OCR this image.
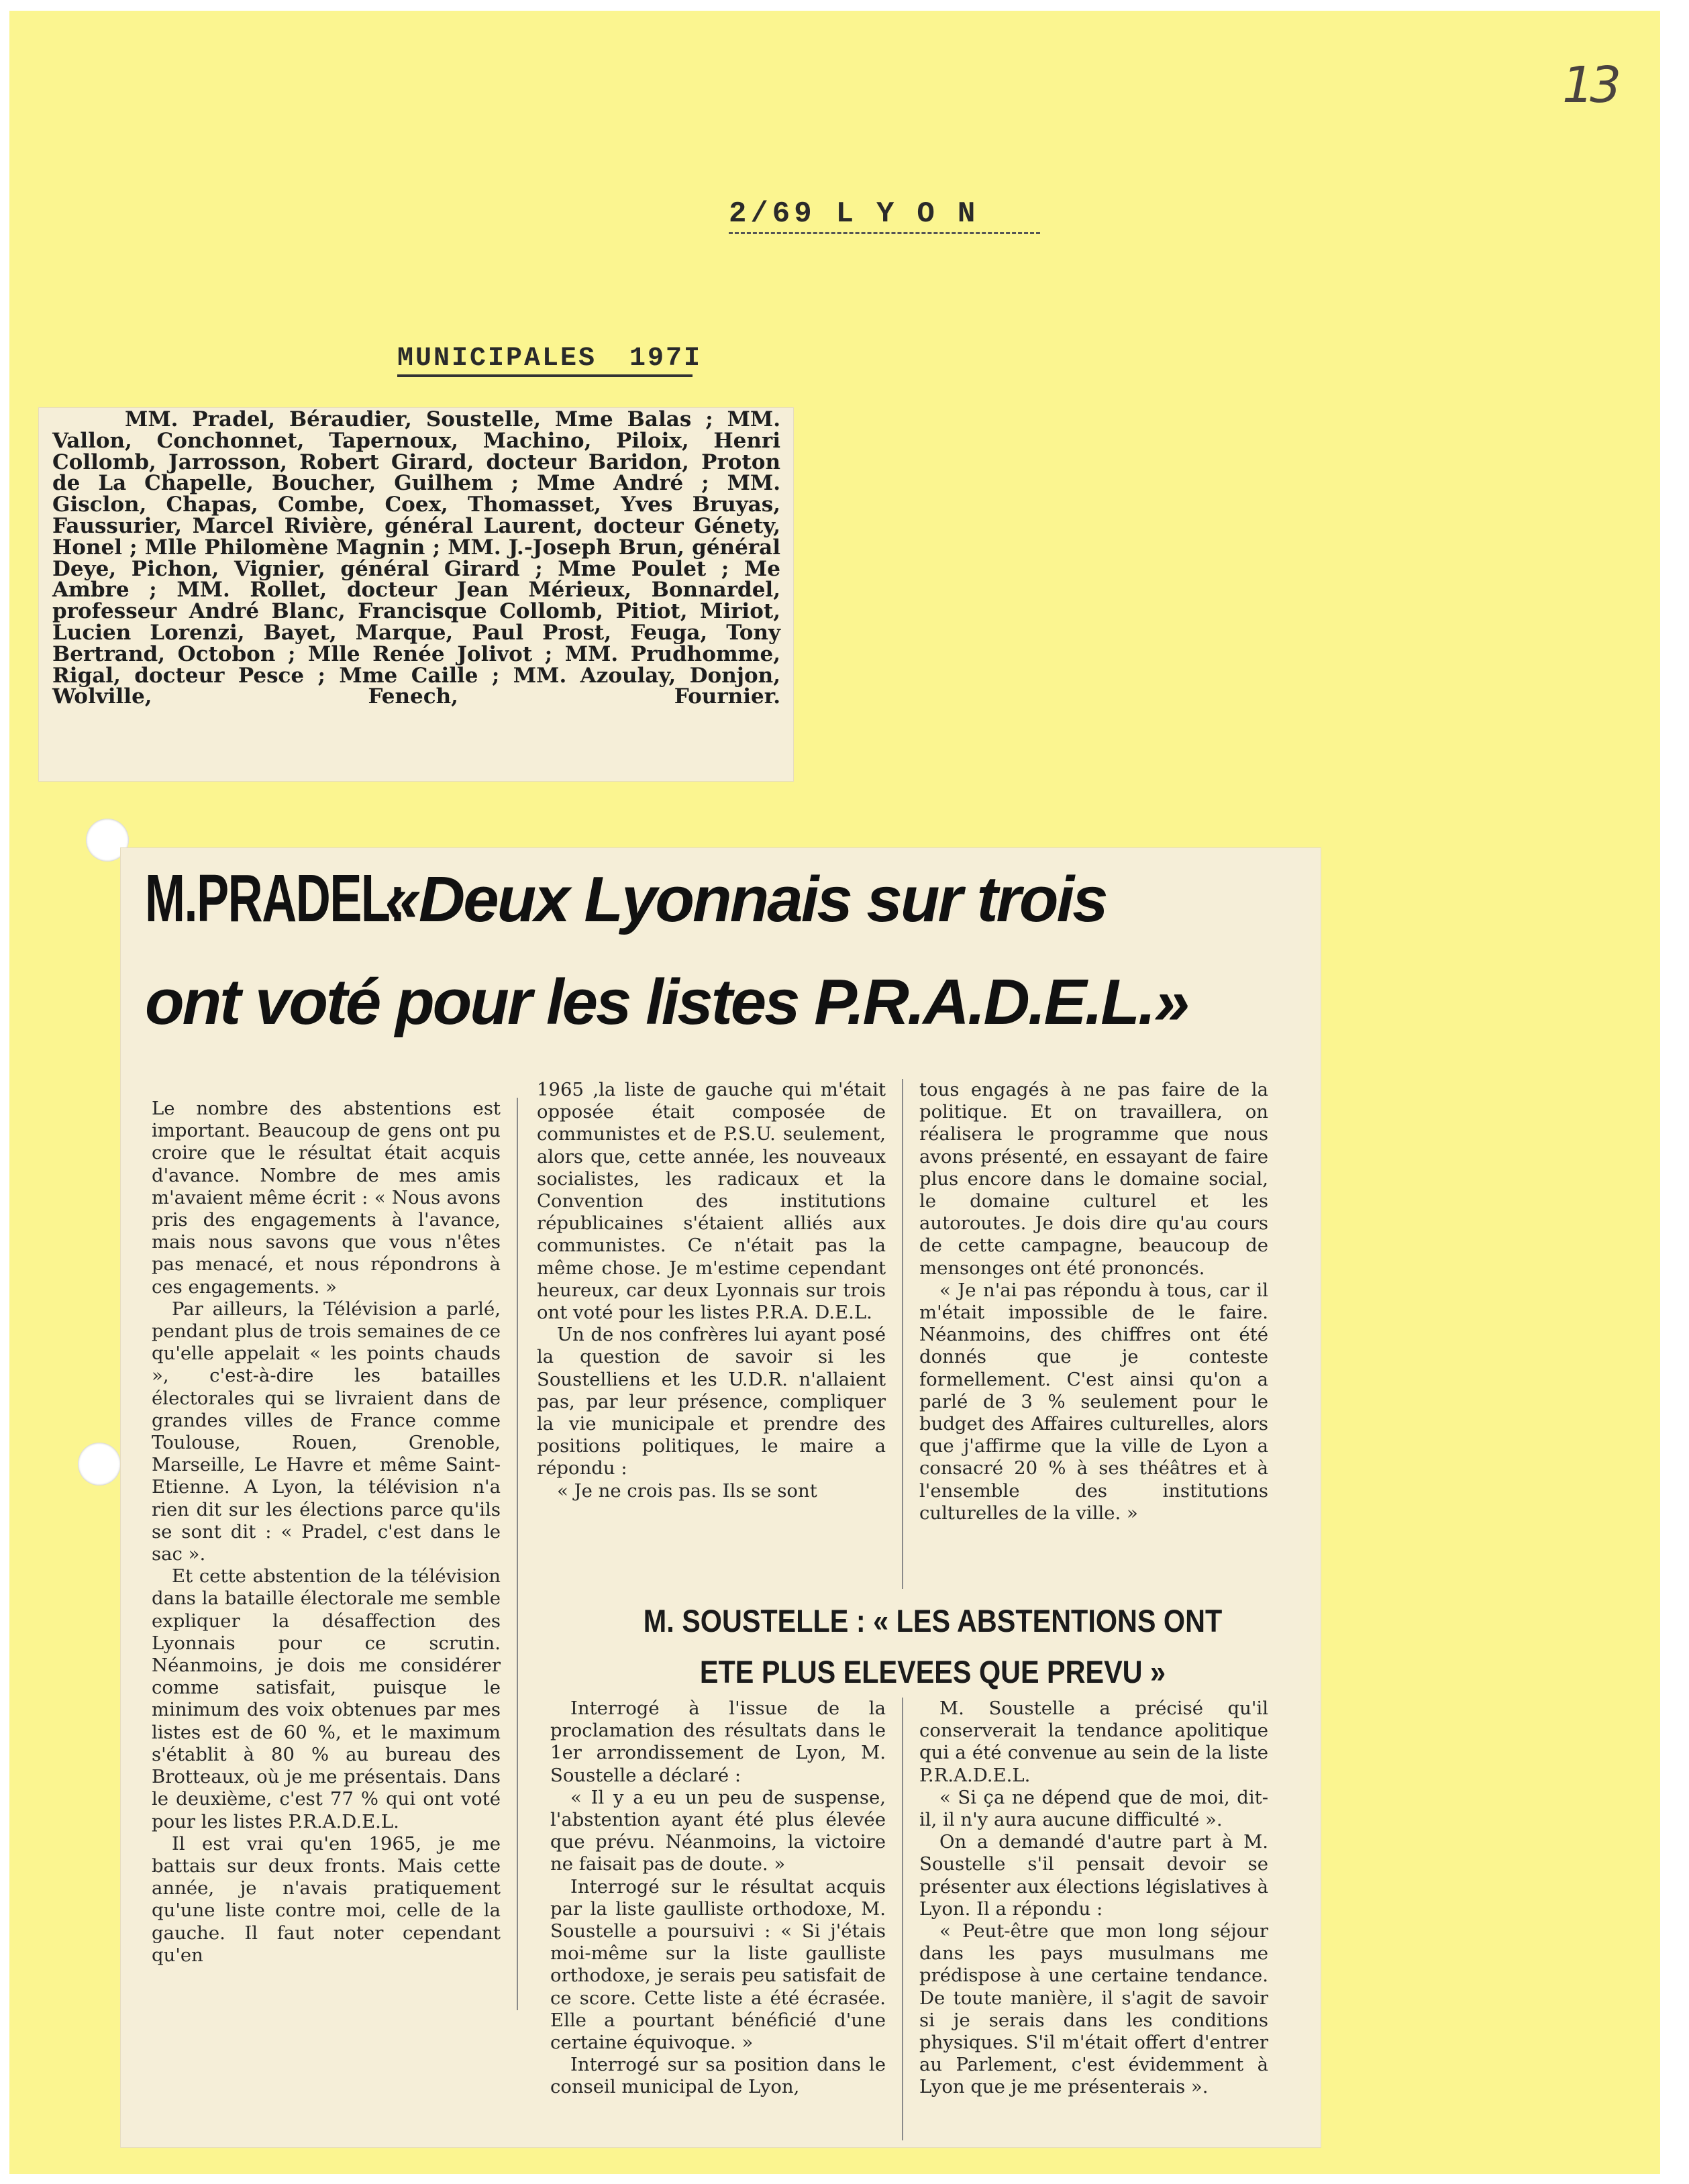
13
2/69 LYON
MUNICIPALES 197I
MM. Pradel, Béraudier, Soustelle, Mme Balas ; MM. Vallon, Conchonnet, Tapernoux, Machino, Piloix, Henri Collomb, Jarrosson, Robert Girard, docteur Baridon, Proton de La Chapelle, Boucher, Guilhem ; Mme André ; MM. Gisclon, Chapas, Combe, Coex, Thomasset, Yves Bruyas, Faussurier, Marcel Rivière, général Laurent, docteur Génety, Honel ; Mlle Philomène Magnin ; MM. J.-Joseph Brun, général Deye, Pichon, Vignier, général Girard ; Mme Poulet ; Me Ambre ; MM. Rollet, docteur Jean Mérieux, Bonnardel, professeur André Blanc, Francisque Collomb, Pitiot, Miriot, Lucien Lorenzi, Bayet, Marque, Paul Prost, Feuga, Tony Bertrand, Octobon ; Mlle Renée Jolivot ; MM. Prudhomme, Rigal, docteur Pesce ; Mme Caille ; MM. Azoulay, Donjon, Wolville, Fenech, Fournier.
M.PRADEL:«Deux Lyonnais sur trois
ont voté pour les listes P.R.A.D.E.L.»

Le nombre des abstentions est important. Beaucoup de gens ont pu croire que le résultat était acquis d'avance. Nombre de mes amis m'avaient même écrit : « Nous avons pris des engagements à l'avance, mais nous savons que vous n'êtes pas menacé, et nous répondrons à ces engagements. »

Par ailleurs, la Télévision a parlé, pendant plus de trois semaines de ce qu'elle appelait « les points chauds », c'est-à-dire les batailles électorales qui se livraient dans de grandes villes de France comme Toulouse, Rouen, Grenoble, Marseille, Le Havre et même Saint-Etienne. A Lyon, la télévision n'a rien dit sur les élections parce qu'ils se sont dit : « Pradel, c'est dans le sac ».

Et cette abstention de la télévision dans la bataille électorale me semble expliquer la désaffection des Lyonnais pour ce scrutin. Néanmoins, je dois me considérer comme satisfait, puisque le minimum des voix obtenues par mes listes est de 60 %, et le maximum s'établit à 80 % au bureau des Brotteaux, où je me présentais. Dans le deuxième, c'est 77 % qui ont voté pour les listes P.R.A.D.E.L.

Il est vrai qu'en 1965, je me battais sur deux fronts. Mais cette année, je n'avais pratiquement qu'une liste contre moi, celle de la gauche. Il faut noter cependant qu'en

1965 ,la liste de gauche qui m'était opposée était composée de communistes et de P.S.U. seulement, alors que, cette année, les nouveaux socialistes, les radicaux et la Convention des institutions républicaines s'étaient alliés aux communistes. Ce n'était pas la même chose. Je m'estime cependant heureux, car deux Lyonnais sur trois ont voté pour les listes P.R.A. D.E.L.

Un de nos confrères lui ayant posé la question de savoir si les Soustelliens et les U.D.R. n'allaient pas, par leur présence, compliquer la vie municipale et prendre des positions politiques, le maire a répondu :

« Je ne crois pas. Ils se sont

tous engagés à ne pas faire de la politique. Et on travaillera, on réalisera le programme que nous avons présenté, en essayant de faire plus encore dans le domaine social, le domaine culturel et les autoroutes. Je dois dire qu'au cours de cette campagne, beaucoup de mensonges ont été prononcés.

« Je n'ai pas répondu à tous, car il m'était impossible de le faire. Néanmoins, des chiffres ont été donnés que je conteste formellement. C'est ainsi qu'on a parlé de 3 % seulement pour le budget des Affaires culturelles, alors que j'affirme que la ville de Lyon a consacré 20 % à ses théâtres et à l'ensemble des institutions culturelles de la ville. »

M. SOUSTELLE : « LES ABSTENTIONS ONT ETE PLUS ELEVEES QUE PREVU »

Interrogé à l'issue de la proclamation des résultats dans le 1er arrondissement de Lyon, M. Soustelle a déclaré :

« Il y a eu un peu de suspense, l'abstention ayant été plus élevée que prévu. Néanmoins, la victoire ne faisait pas de doute. »

Interrogé sur le résultat acquis par la liste gaulliste orthodoxe, M. Soustelle a poursuivi : « Si j'étais moi-même sur la liste gaulliste orthodoxe, je serais peu satisfait de ce score. Cette liste a été écrasée. Elle a pourtant bénéficié d'une certaine équivoque. »

Interrogé sur sa position dans le conseil municipal de Lyon,

M. Soustelle a précisé qu'il conserverait la tendance apolitique qui a été convenue au sein de la liste P.R.A.D.E.L.

« Si ça ne dépend que de moi, dit-il, il n'y aura aucune difficulté ».

On a demandé d'autre part à M. Soustelle s'il pensait devoir se présenter aux élections législatives à Lyon. Il a répondu :

« Peut-être que mon long séjour dans les pays musulmans me prédispose à une certaine tendance. De toute manière, il s'agit de savoir si je serais dans les conditions physiques. S'il m'était offert d'entrer au Parlement, c'est évidemment à Lyon que je me présenterais ».
